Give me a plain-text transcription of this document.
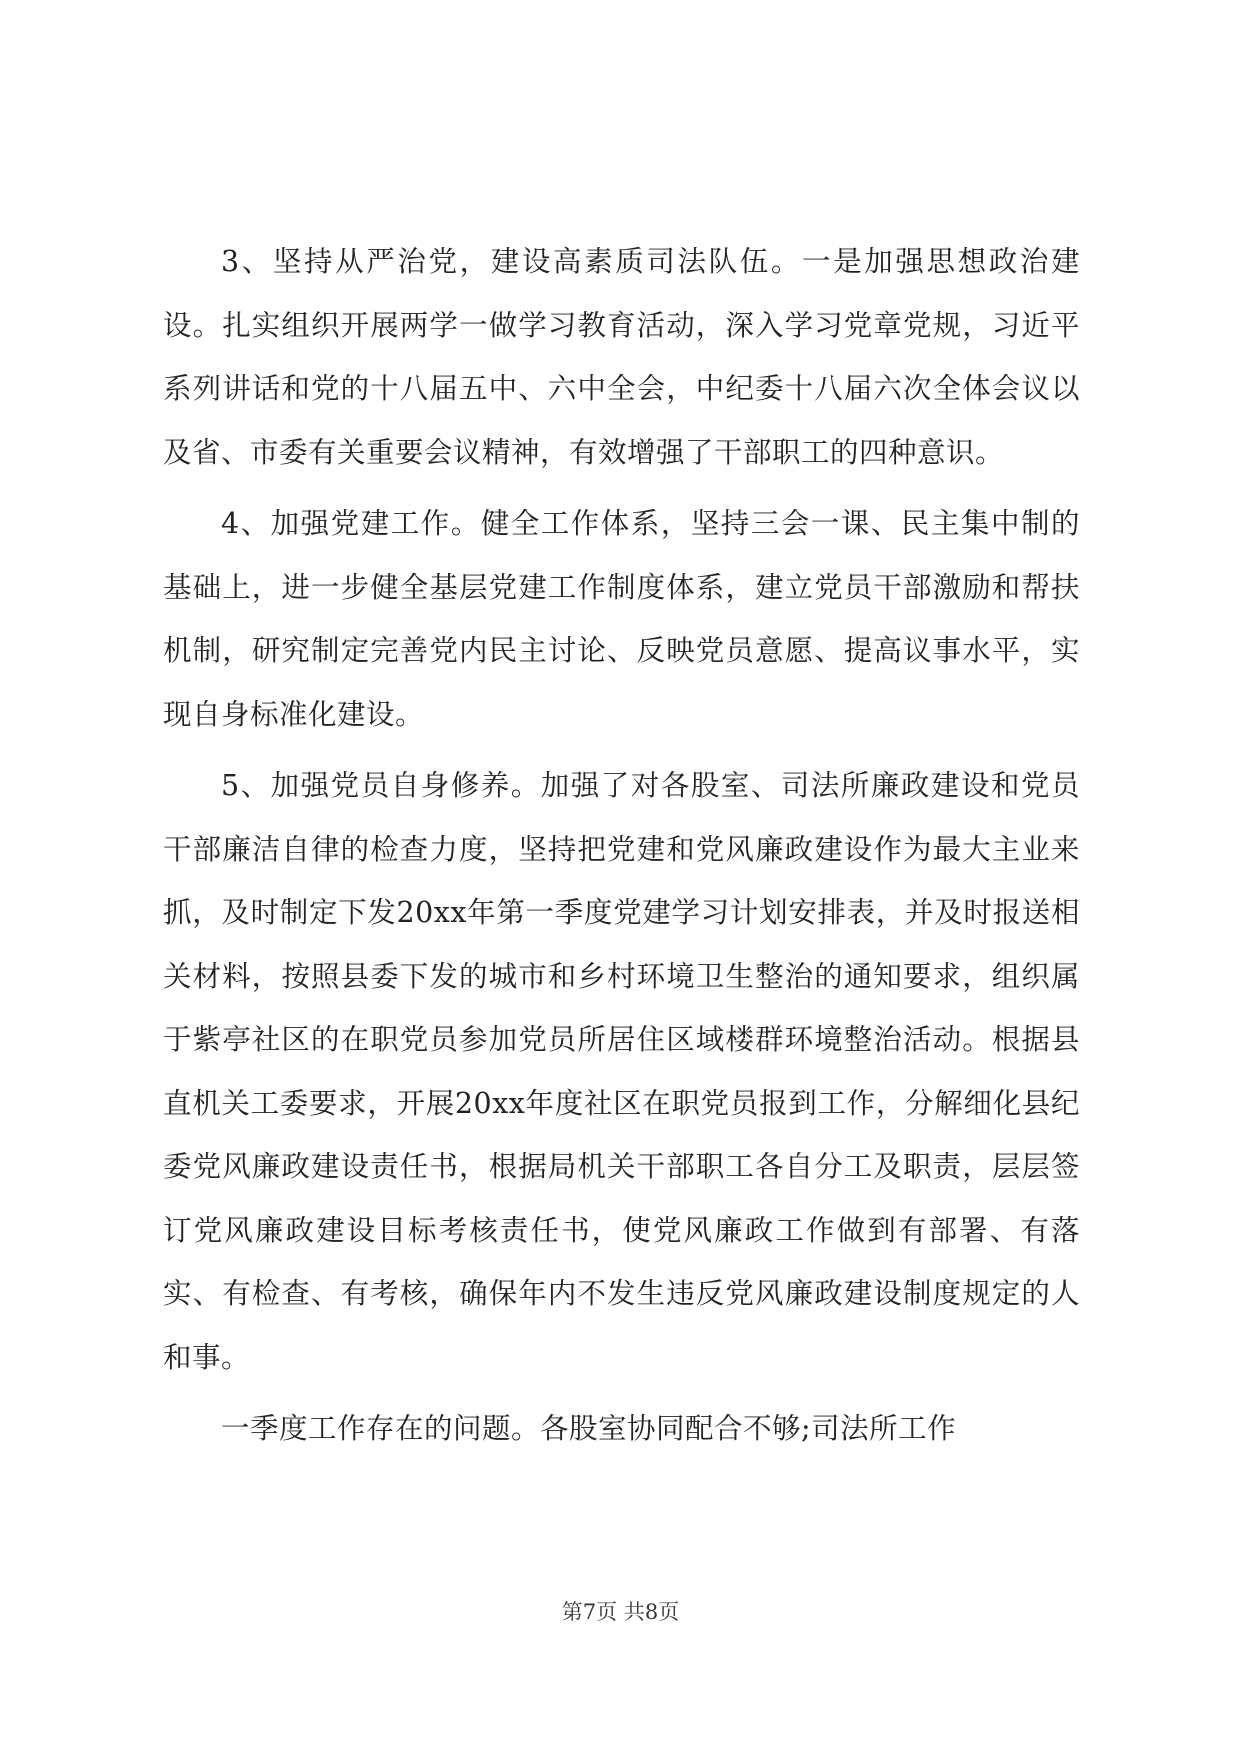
3、坚持从严治党，建设高素质司法队伍。一是加强思想政治建设。扎实组织开展两学一做学习教育活动，深入学习党章党规，习近平系列讲话和党的十八届五中、六中全会，中纪委十八届六次全体会议以及省、市委有关重要会议精神，有效增强了干部职工的四种意识。

4、加强党建工作。健全工作体系，坚持三会一课、民主集中制的基础上，进一步健全基层党建工作制度体系，建立党员干部激励和帮扶机制，研究制定完善党内民主讨论、反映党员意愿、提高议事水平，实现自身标准化建设。

5、加强党员自身修养。加强了对各股室、司法所廉政建设和党员干部廉洁自律的检查力度，坚持把党建和党风廉政建设作为最大主业来抓，及时制定下发20xx年第一季度党建学习计划安排表，并及时报送相关材料，按照县委下发的城市和乡村环境卫生整治的通知要求，组织属于紫亭社区的在职党员参加党员所居住区域楼群环境整治活动。根据县直机关工委要求，开展20xx年度社区在职党员报到工作，分解细化县纪委党风廉政建设责任书，根据局机关干部职工各自分工及职责，层层签订党风廉政建设目标考核责任书，使党风廉政工作做到有部署、有落实、有检查、有考核，确保年内不发生违反党风廉政建设制度规定的人和事。

一季度工作存在的问题。各股室协同配合不够;司法所工作

第7页 共8页
